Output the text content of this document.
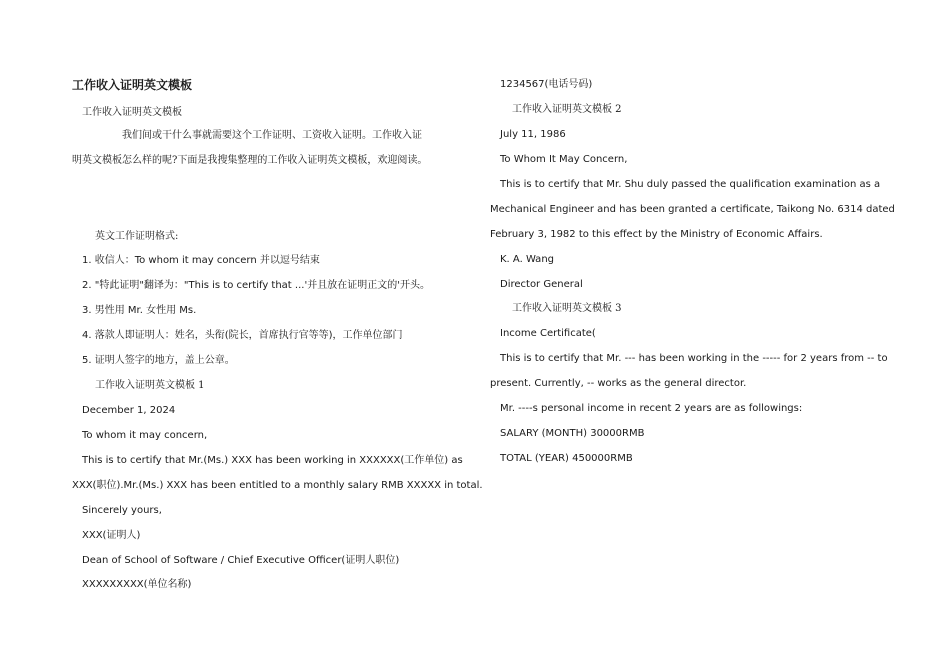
工作收入证明英文模板
工作收入证明英文模板
我们间或干什么事就需要这个工作证明、工资收入证明。工作收入证
明英文模板怎么样的呢?下面是我搜集整理的工作收入证明英文模板，欢迎阅读。
英文工作证明格式:
1. 收信人：To whom it may concern 并以逗号结束
2. "特此证明"翻译为："This is to certify that ...'并且放在证明正文的'开头。
3. 男性用 Mr. 女性用 Ms.
4. 落款人即证明人：姓名，头衔(院长，首席执行官等等)，工作单位部门
5. 证明人签字的地方，盖上公章。
工作收入证明英文模板 1
December 1, 2024
To whom it may concern,
This is to certify that Mr.(Ms.) XXX has been working in XXXXXX(工作单位) as
XXX(职位).Mr.(Ms.) XXX has been entitled to a monthly salary RMB XXXXX in total.
Sincerely yours,
XXX(证明人)
Dean of School of Software / Chief Executive Officer(证明人职位)
XXXXXXXXX(单位名称)
1234567(电话号码)
工作收入证明英文模板 2
July 11, 1986
To Whom It May Concern,
This is to certify that Mr. Shu duly passed the qualification examination as a
Mechanical Engineer and has been granted a certificate, Taikong No. 6314 dated
February 3, 1982 to this effect by the Ministry of Economic Affairs.
K. A. Wang
Director General
工作收入证明英文模板 3
Income Certificate(
This is to certify that Mr. --- has been working in the ----- for 2 years from -- to
present. Currently, -- works as the general director.
Mr. ----s personal income in recent 2 years are as followings:
SALARY (MONTH) 30000RMB
TOTAL (YEAR) 450000RMB
